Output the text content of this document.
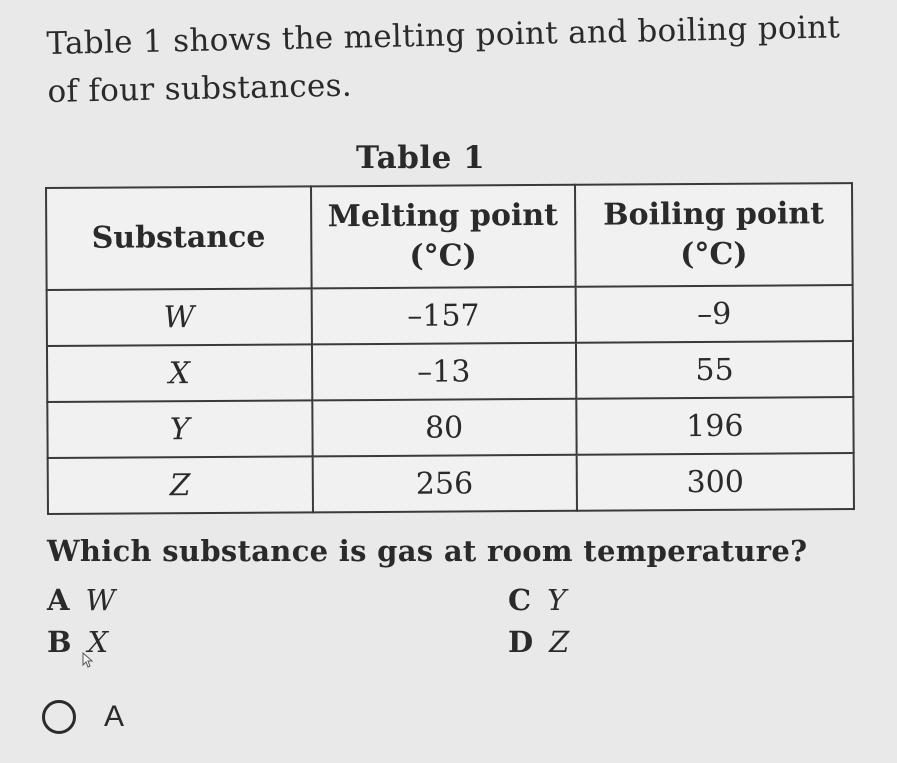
Table 1 shows the melting point and boiling point of four substances.
Table 1
Substance	Melting point (°C)	Boiling point (°C)
W	–157	–9
X	–13	55
Y	80	196
Z	256	300
Which substance is gas at room temperature?
A W
B X
C Y
D Z
A
